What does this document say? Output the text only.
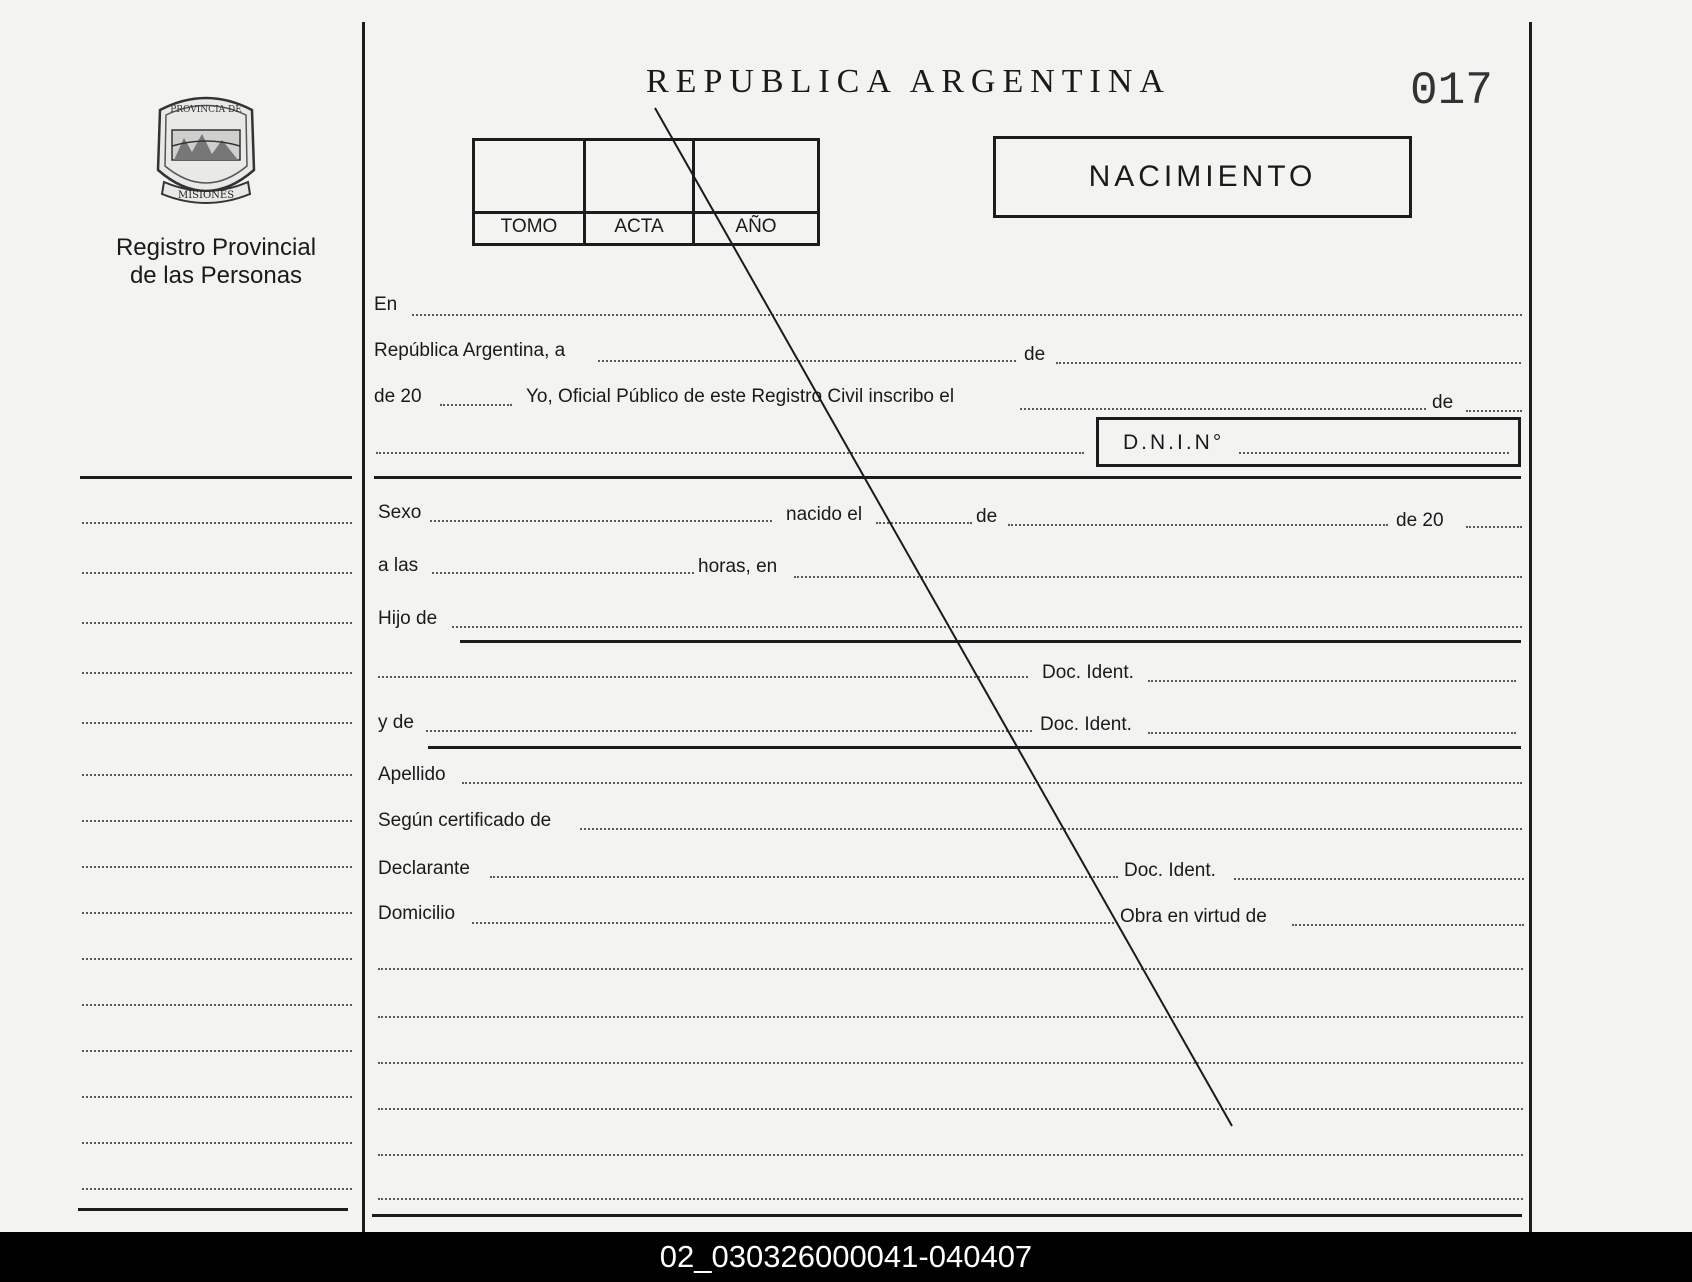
PROVINCIA DE
MISIONES
Registro Provincial
de las Personas
REPUBLICA ARGENTINA	017
TOMO	ACTA	AÑO
NACIMIENTO
En
República Argentina, a	de
de 20	Yo, Oficial Público de este Registro Civil inscribo el	de
D.N.I.N°
Sexo	nacido el	de	de 20
a las	horas, en
Hijo de
Doc. Ident.
y de	Doc. Ident.
Apellido
Según certificado de
Declarante	Doc. Ident.
Domicilio	Obra en virtud de
02_030326000041-040407
